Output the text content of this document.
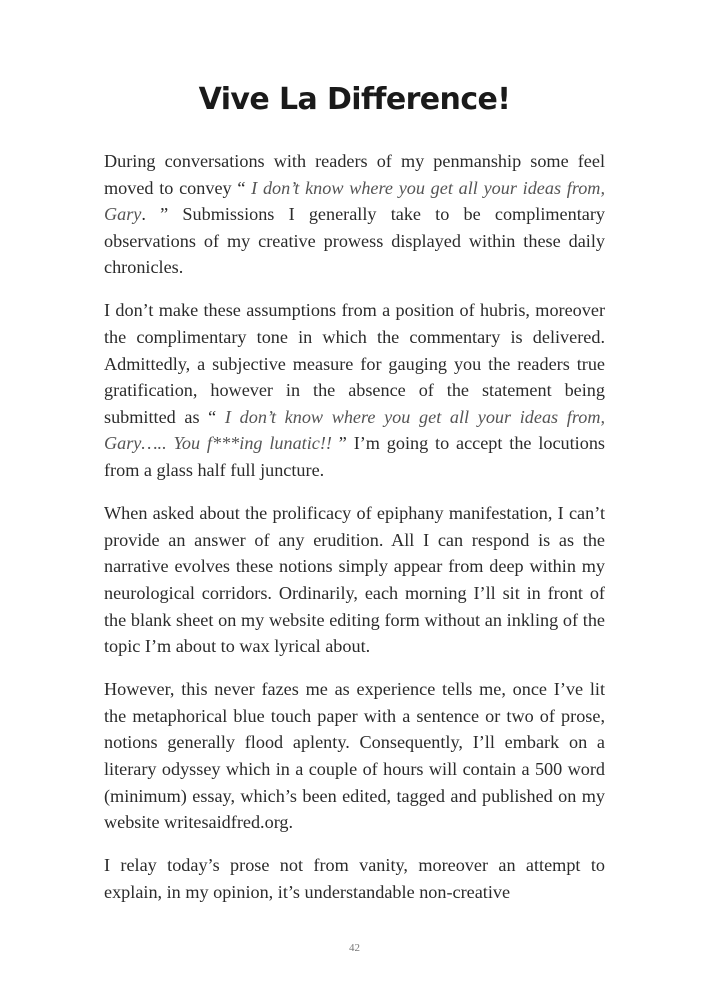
Vive La Difference!

During conversations with readers of my penmanship some feel moved to convey “ I don’t know where you get all your ideas from, Gary. ” Submissions I generally take to be complimentary observations of my creative prowess displayed within these daily chronicles.

I don’t make these assumptions from a position of hubris, moreover the complimentary tone in which the commentary is delivered. Admittedly, a subjective measure for gauging you the readers true gratification, however in the absence of the statement being submitted as “ I don’t know where you get all your ideas from, Gary….. You f***ing lunatic!! ” I’m going to accept the locutions from a glass half full juncture.

When asked about the prolificacy of epiphany manifestation, I can’t provide an answer of any erudition. All I can respond is as the narrative evolves these notions simply appear from deep within my neurological corridors. Ordinarily, each morning I’ll sit in front of the blank sheet on my website editing form without an inkling of the topic I’m about to wax lyrical about.

However, this never fazes me as experience tells me, once I’ve lit the metaphorical blue touch paper with a sentence or two of prose, notions generally flood aplenty. Consequently, I’ll embark on a literary odyssey which in a couple of hours will contain a 500 word (minimum) essay, which’s been edited, tagged and published on my website writesaidfred.org.

I relay today’s prose not from vanity, moreover an attempt to explain, in my opinion, it’s understandable non-creative

42
